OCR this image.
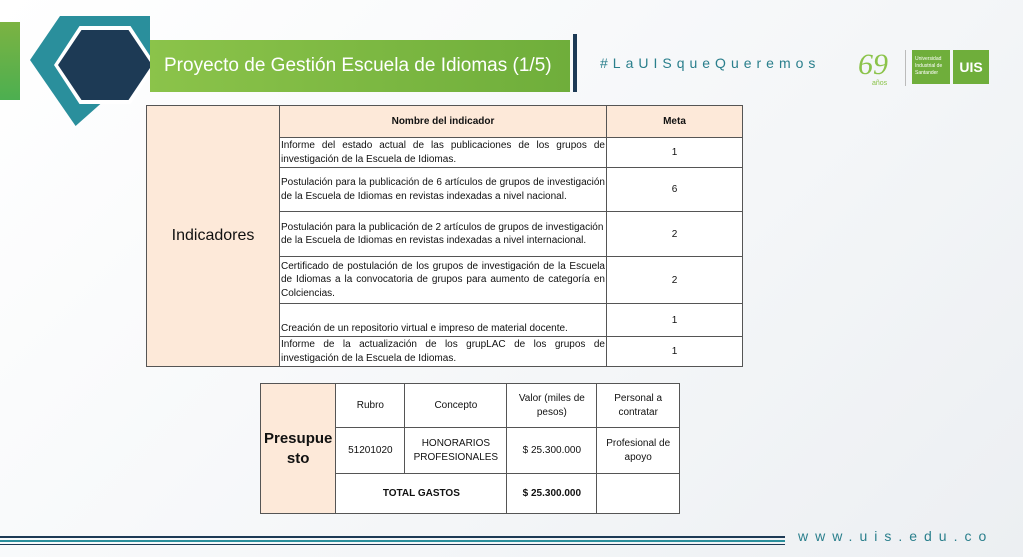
Proyecto de Gestión Escuela de Idiomas (1/5)	#LaUISqueQueremos 69
años
Universidad Industrial de Santander	UIS
Indicadores	Nombre del indicador	Meta
	Informe del estado actual de las publicaciones de los grupos de investigación de la Escuela de Idiomas.	1
	Postulación para la publicación de 6 artículos de grupos de investigación de la Escuela de Idiomas en revistas indexadas a nivel nacional.	6
	Postulación para la publicación de 2 artículos de grupos de investigación de la Escuela de Idiomas en revistas indexadas a nivel internacional.	2
	Certificado de postulación de los grupos de investigación de la Escuela de Idiomas a la convocatoria de grupos para aumento de categoría en Colciencias.	2
	Creación de un repositorio virtual e impreso de material docente.	1
	Informe de la actualización de los grupLAC de los grupos de investigación de la Escuela de Idiomas.	1
Presupue
sto	Rubro	Concepto	Valor (miles de pesos)	Personal a contratar
	51201020	HONORARIOS PROFESIONALES	$ 25.300.000	Profesional de apoyo
	TOTAL GASTOS		$ 25.300.000	
www.uis.edu.co
